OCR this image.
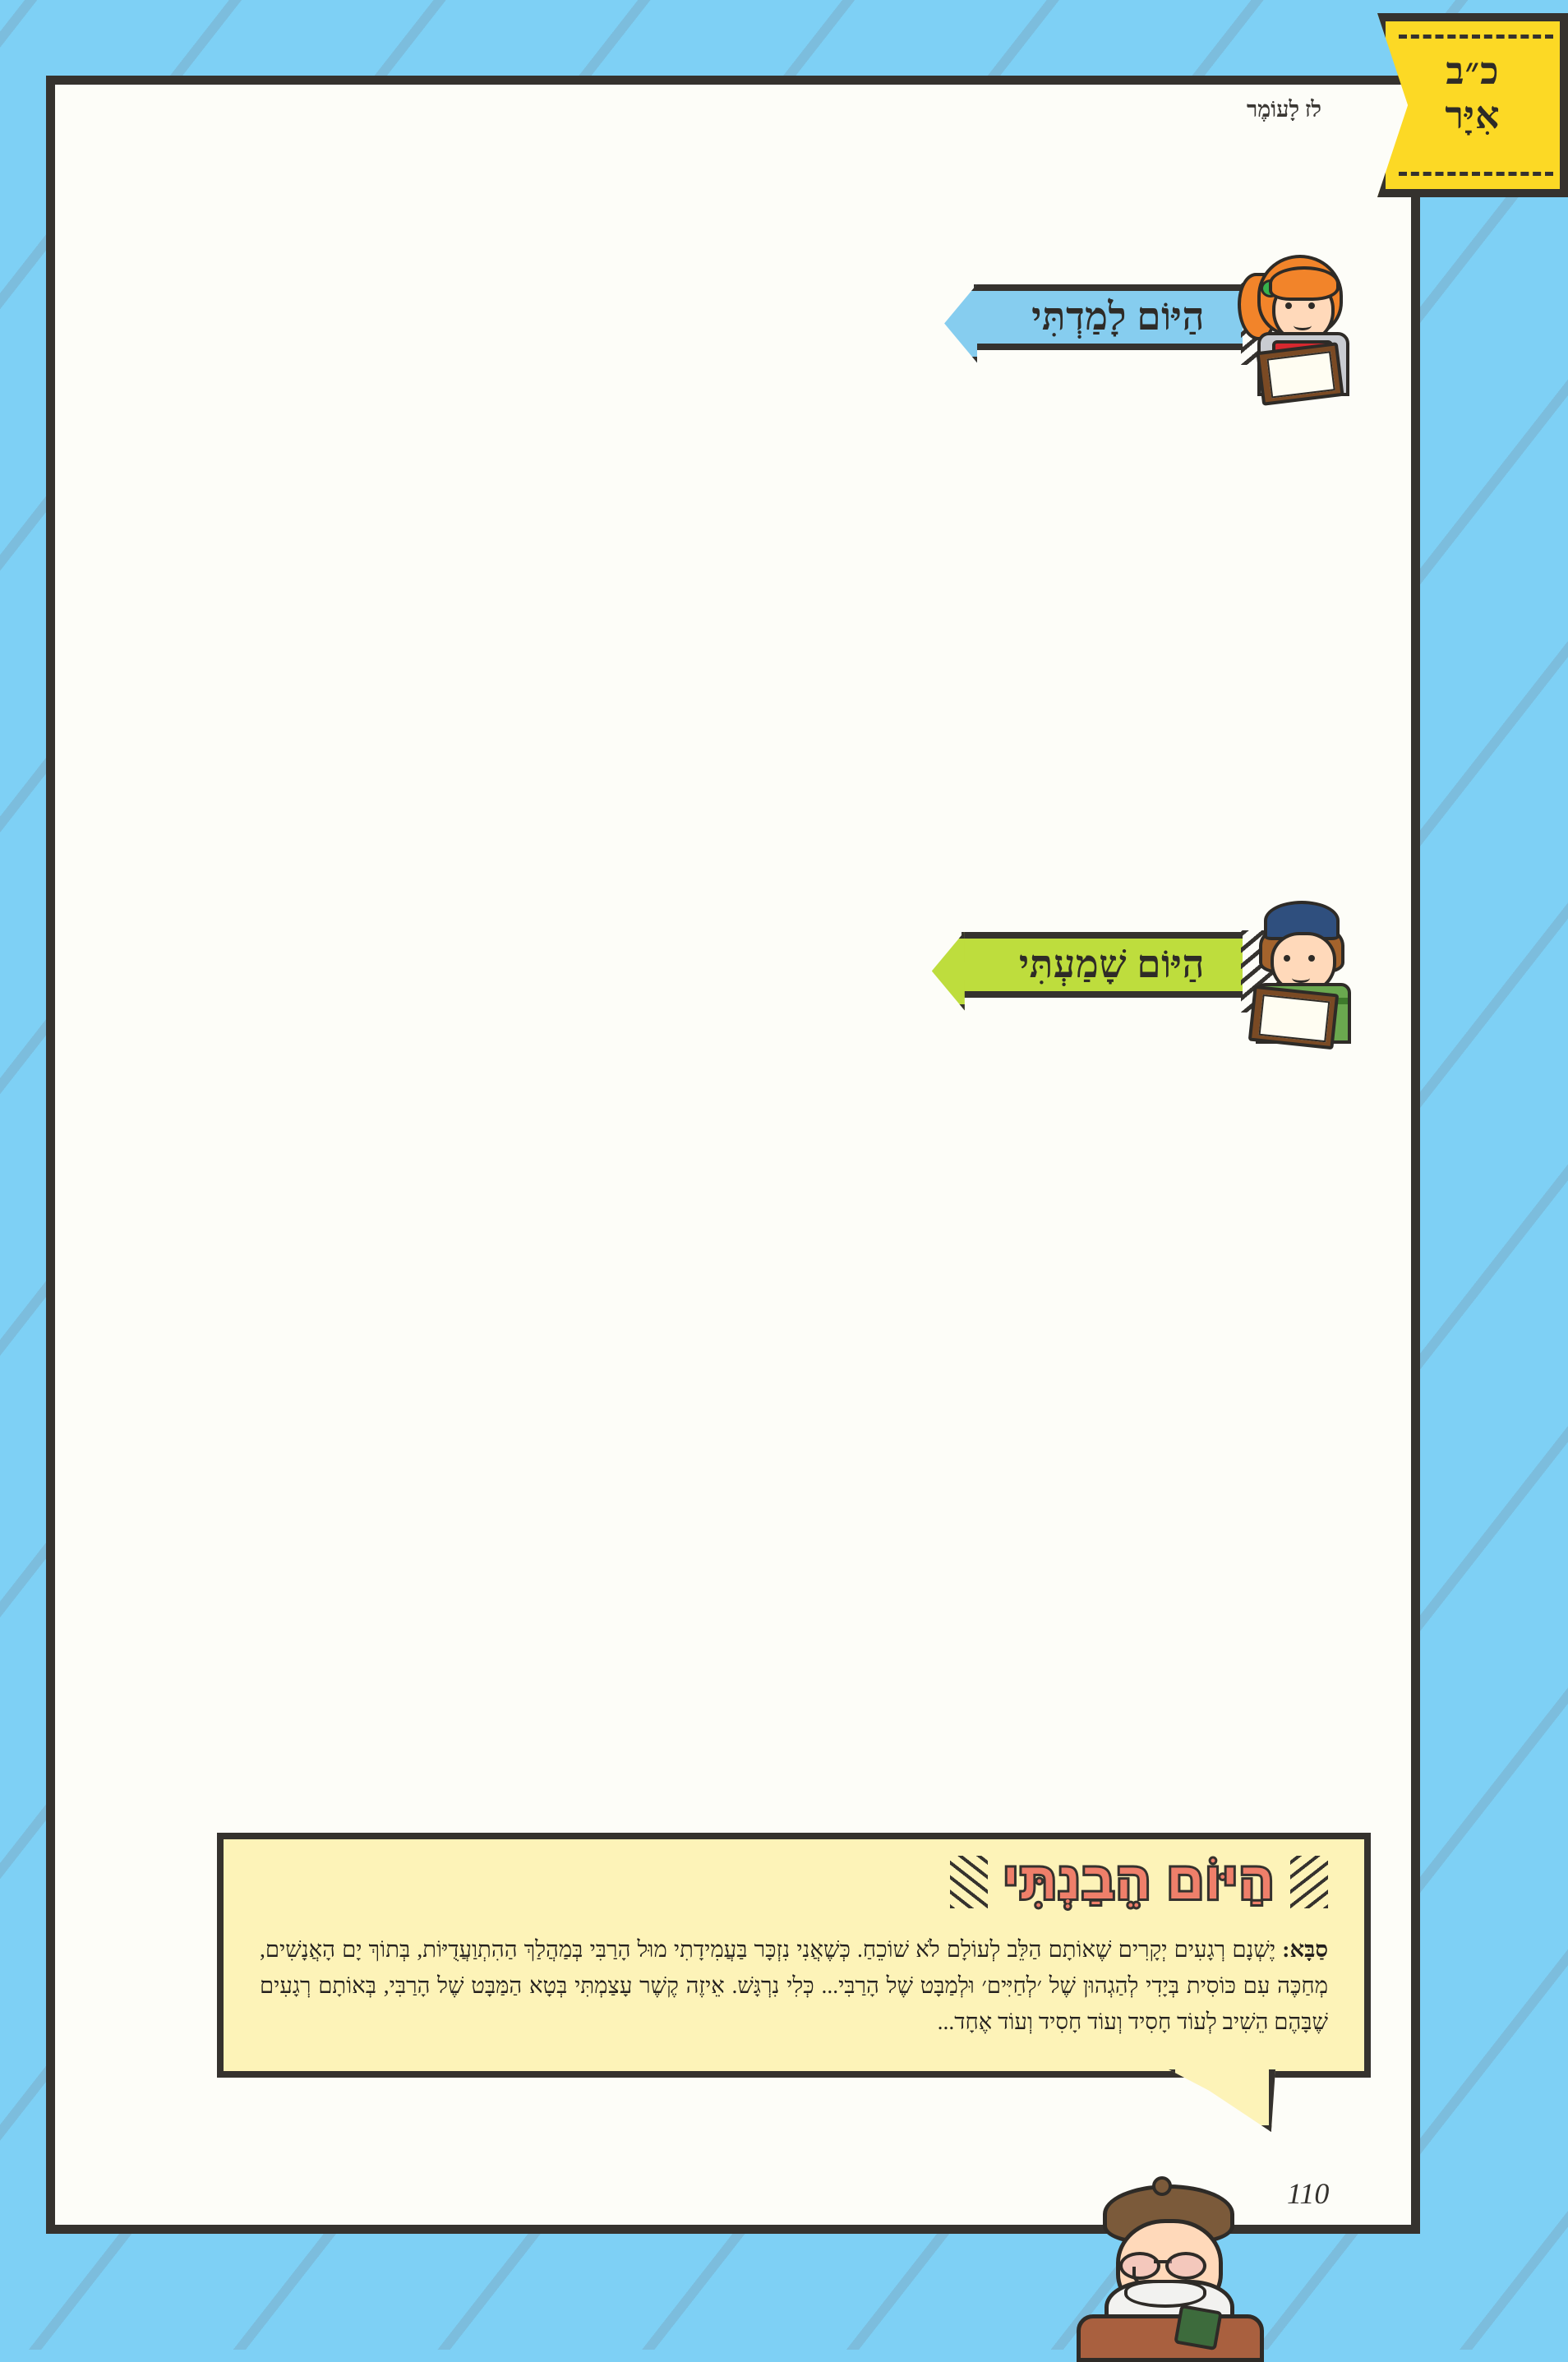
כ״ב
אִיָּר
לז לָעוֹמֶר
הַיּוֹם לָמַדְתִּי

הַיּוֹם שָׁמַעְתִּי

הַיּוֹם
הֵבַנְתִּי

סַבָּא: יֶשְׁנָם רְגָעִים יְקָרִים שֶׁאוֹתָם הַלֵּב לְעוֹלָם לֹא שׁוֹכֵחַ. כְּשֶׁאֲנִי נִזְכָּר בַּעֲמִידָתִי מוּל הָרַבִּי בְּמַהֲלַךְ הַהִתְוַעֲדֻיּוֹת, בְּתוֹךְ יָם הָאֲנָשִׁים, מְחַכֶּה עִם כּוֹסִית בְּיָדִי לְהַגְהוּן שֶׁל ׳לְחַיִּים׳ וּלְמַבָּט שֶׁל הָרַבִּי... כְּלִי נִרְגָּשׁ. אֵיזֶה קֶשֶׁר עָצַמְתִּי בְּטָא הַמַּבָּט שֶׁל הָרַבִּי, בְּאוֹתָם רְגָעִים שֶׁבָּהֶם הֵשִׁיב לְעוֹד חָסִיד וְעוֹד חָסִיד וְעוֹד אֶחָד...

110
